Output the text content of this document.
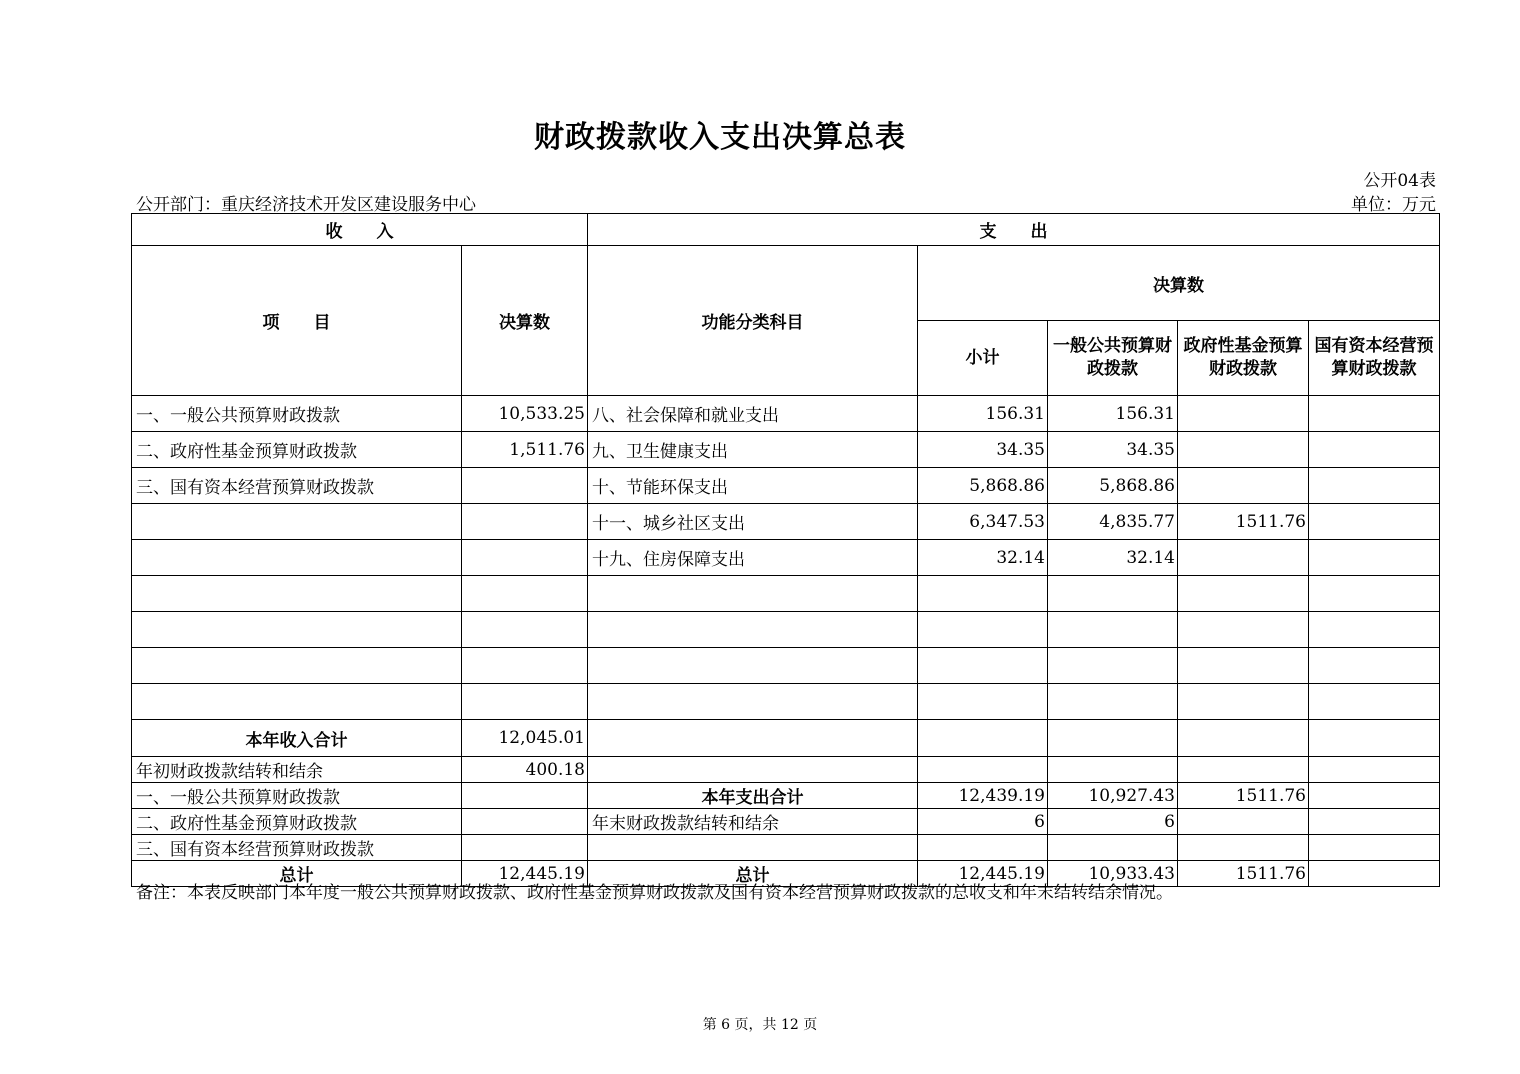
财政拨款收入支出决算总表
公开04表
公开部门：重庆经济技术开发区建设服务中心	单位：万元
收　　入		支　　出				
项　　目	决算数	功能分类科目	决算数			
			小计	一般公共预算财政拨款	政府性基金预算财政拨款	国有资本经营预算财政拨款
一、一般公共预算财政拨款	10,533.25	八、社会保障和就业支出	156.31	156.31		
二、政府性基金预算财政拨款	1,511.76	九、卫生健康支出	34.35	34.35		
三、国有资本经营预算财政拨款		十、节能环保支出	5,868.86	5,868.86		
		十一、城乡社区支出	6,347.53	4,835.77	1511.76	
		十九、住房保障支出	32.14	32.14		

本年收入合计	12,045.01					
年初财政拨款结转和结余	400.18					
一、一般公共预算财政拨款		本年支出合计	12,439.19	10,927.43	1511.76	
二、政府性基金预算财政拨款		年末财政拨款结转和结余	6	6		
三、国有资本经营预算财政拨款						
总计	12,445.19	总计	12,445.19	10,933.43	1511.76	
备注：本表反映部门本年度一般公共预算财政拨款、政府性基金预算财政拨款及国有资本经营预算财政拨款的总收支和年末结转结余情况。
第 6 页，共 12 页
